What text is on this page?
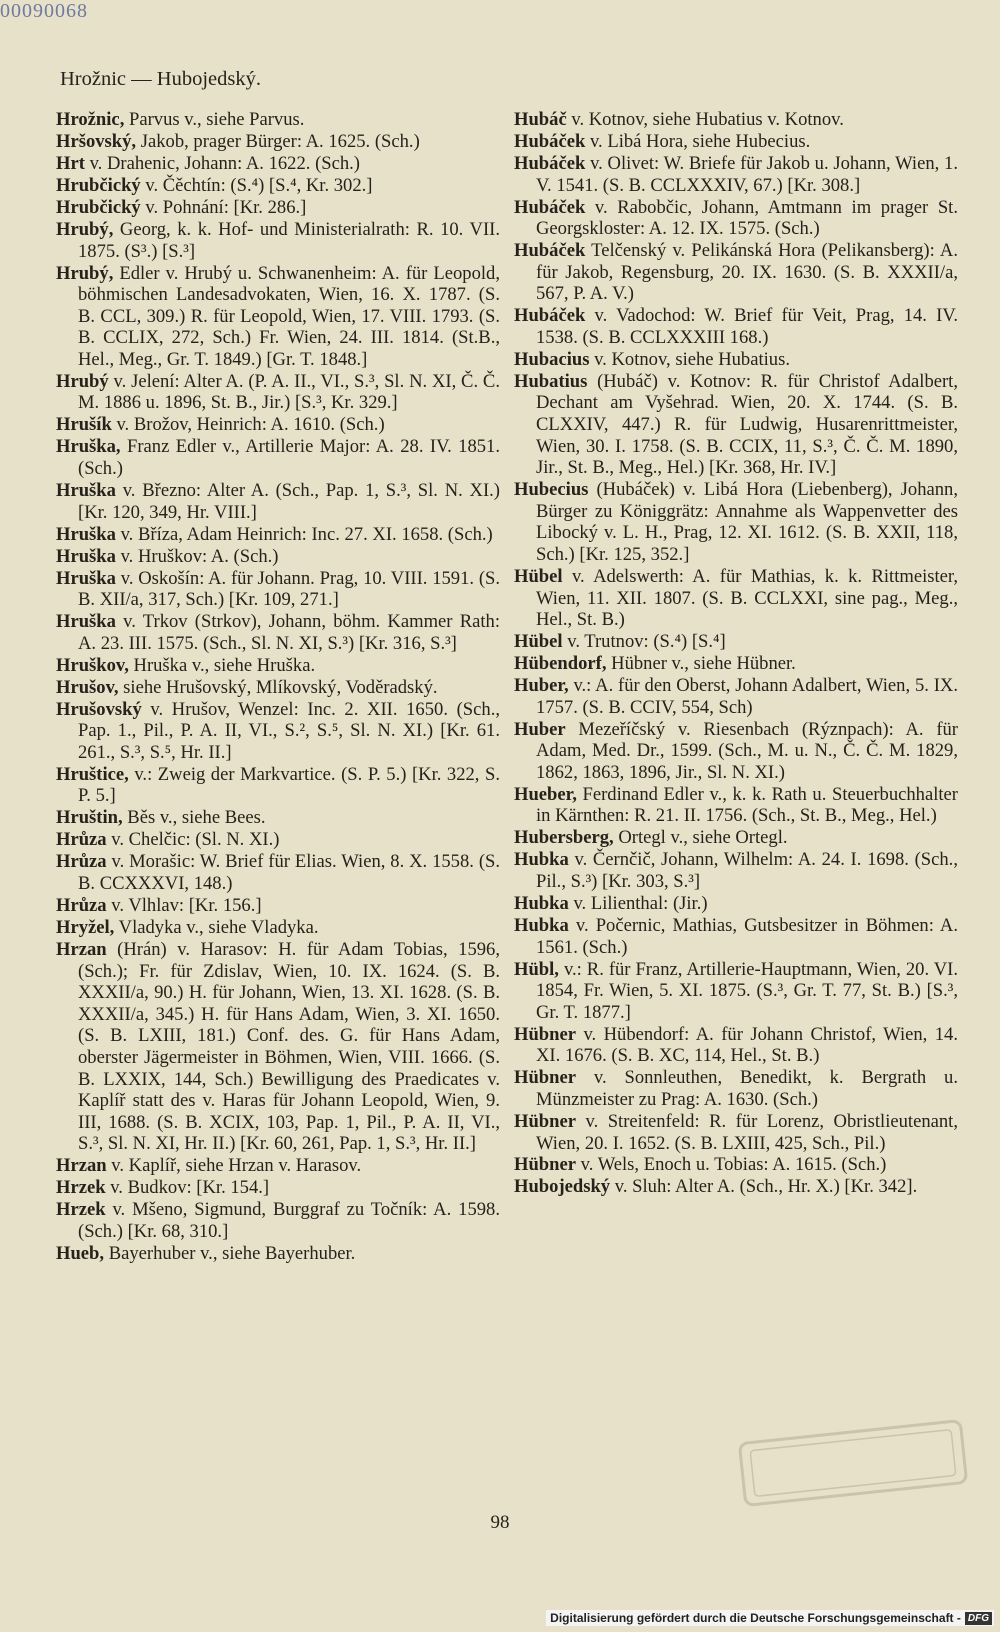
00090068
Hrožnic — Hubojedský.
Hrožnic, Parvus v., siehe Parvus.
Hršovský, Jakob, prager Bürger: A. 1625. (Sch.)
Hrt v. Drahenic, Johann: A. 1622. (Sch.)
Hrubčický v. Čěchtín: (S.⁴) [S.⁴, Kr. 302.]
Hrubčický v. Pohnání: [Kr. 286.]
Hrubý, Georg, k. k. Hof- und Ministerialrath: R. 10. VII. 1875. (S³.) [S.³]
Hrubý, Edler v. Hrubý u. Schwanenheim: A. für Leopold, böhmischen Landesadvokaten, Wien, 16. X. 1787. (S. B. CCL, 309.) R. für Leopold, Wien, 17. VIII. 1793. (S. B. CCLIX, 272, Sch.) Fr. Wien, 24. III. 1814. (St.B., Hel., Meg., Gr. T. 1849.) [Gr. T. 1848.]
Hrubý v. Jelení: Alter A. (P. A. II., VI., S.³, Sl. N. XI, Č. Č. M. 1886 u. 1896, St. B., Jir.) [S.³, Kr. 329.]
Hrušík v. Brožov, Heinrich: A. 1610. (Sch.)
Hruška, Franz Edler v., Artillerie Major: A. 28. IV. 1851. (Sch.)
Hruška v. Březno: Alter A. (Sch., Pap. 1, S.³, Sl. N. XI.) [Kr. 120, 349, Hr. VIII.]
Hruška v. Bříza, Adam Heinrich: Inc. 27. XI. 1658. (Sch.)
Hruška v. Hruškov: A. (Sch.)
Hruška v. Oskošín: A. für Johann. Prag, 10. VIII. 1591. (S. B. XII/a, 317, Sch.) [Kr. 109, 271.]
Hruška v. Trkov (Strkov), Johann, böhm. Kammer Rath: A. 23. III. 1575. (Sch., Sl. N. XI, S.³) [Kr. 316, S.³]
Hruškov, Hruška v., siehe Hruška.
Hrušov, siehe Hrušovský, Mlíkovský, Voděradský.
Hrušovský v. Hrušov, Wenzel: Inc. 2. XII. 1650. (Sch., Pap. 1., Pil., P. A. II, VI., S.², S.⁵, Sl. N. XI.) [Kr. 61. 261., S.³, S.⁵, Hr. II.]
Hruštice, v.: Zweig der Markvartice. (S. P. 5.) [Kr. 322, S. P. 5.]
Hruštin, Běs v., siehe Bees.
Hrůza v. Chelčic: (Sl. N. XI.)
Hrůza v. Morašic: W. Brief für Elias. Wien, 8. X. 1558. (S. B. CCXXXVI, 148.)
Hrůza v. Vlhlav: [Kr. 156.]
Hryžel, Vladyka v., siehe Vladyka.
Hrzan (Hrán) v. Harasov: H. für Adam Tobias, 1596, (Sch.); Fr. für Zdislav, Wien, 10. IX. 1624. (S. B. XXXII/a, 90.) H. für Johann, Wien, 13. XI. 1628. (S. B. XXXII/a, 345.) H. für Hans Adam, Wien, 3. XI. 1650. (S. B. LXIII, 181.) Conf. des. G. für Hans Adam, oberster Jägermeister in Böhmen, Wien, VIII. 1666. (S. B. LXXIX, 144, Sch.) Bewilligung des Praedicates v. Kaplíř statt des v. Haras für Johann Leopold, Wien, 9. III, 1688. (S. B. XCIX, 103, Pap. 1, Pil., P. A. II, VI., S.³, Sl. N. XI, Hr. II.) [Kr. 60, 261, Pap. 1, S.³, Hr. II.]
Hrzan v. Kaplíř, siehe Hrzan v. Harasov.
Hrzek v. Budkov: [Kr. 154.]
Hrzek v. Mšeno, Sigmund, Burggraf zu Točník: A. 1598. (Sch.) [Kr. 68, 310.]
Hueb, Bayerhuber v., siehe Bayerhuber.
Hubáč v. Kotnov, siehe Hubatius v. Kotnov.
Hubáček v. Libá Hora, siehe Hubecius.
Hubáček v. Olivet: W. Briefe für Jakob u. Johann, Wien, 1. V. 1541. (S. B. CCLXXXIV, 67.) [Kr. 308.]
Hubáček v. Rabobčic, Johann, Amtmann im prager St. Georgskloster: A. 12. IX. 1575. (Sch.)
Hubáček Telčenský v. Pelikánská Hora (Pelikansberg): A. für Jakob, Regensburg, 20. IX. 1630. (S. B. XXXII/a, 567, P. A. V.)
Hubáček v. Vadochod: W. Brief für Veit, Prag, 14. IV. 1538. (S. B. CCLXXXIII 168.)
Hubacius v. Kotnov, siehe Hubatius.
Hubatius (Hubáč) v. Kotnov: R. für Christof Adalbert, Dechant am Vyšehrad. Wien, 20. X. 1744. (S. B. CLXXIV, 447.) R. für Ludwig, Husarenrittmeister, Wien, 30. I. 1758. (S. B. CCIX, 11, S.³, Č. Č. M. 1890, Jir., St. B., Meg., Hel.) [Kr. 368, Hr. IV.]
Hubecius (Hubáček) v. Libá Hora (Liebenberg), Johann, Bürger zu Königgrätz: Annahme als Wappenvetter des Libocký v. L. H., Prag, 12. XI. 1612. (S. B. XXII, 118, Sch.) [Kr. 125, 352.]
Hübel v. Adelswerth: A. für Mathias, k. k. Rittmeister, Wien, 11. XII. 1807. (S. B. CCLXXI, sine pag., Meg., Hel., St. B.)
Hübel v. Trutnov: (S.⁴) [S.⁴]
Hübendorf, Hübner v., siehe Hübner.
Huber, v.: A. für den Oberst, Johann Adalbert, Wien, 5. IX. 1757. (S. B. CCIV, 554, Sch)
Huber Mezeříčský v. Riesenbach (Rýznpach): A. für Adam, Med. Dr., 1599. (Sch., M. u. N., Č. Č. M. 1829, 1862, 1863, 1896, Jir., Sl. N. XI.)
Hueber, Ferdinand Edler v., k. k. Rath u. Steuerbuchhalter in Kärnthen: R. 21. II. 1756. (Sch., St. B., Meg., Hel.)
Hubersberg, Ortegl v., siehe Ortegl.
Hubka v. Černčič, Johann, Wilhelm: A. 24. I. 1698. (Sch., Pil., S.³) [Kr. 303, S.³]
Hubka v. Lilienthal: (Jir.)
Hubka v. Počernic, Mathias, Gutsbesitzer in Böhmen: A. 1561. (Sch.)
Hübl, v.: R. für Franz, Artillerie-Hauptmann, Wien, 20. VI. 1854, Fr. Wien, 5. XI. 1875. (S.³, Gr. T. 77, St. B.) [S.³, Gr. T. 1877.]
Hübner v. Hübendorf: A. für Johann Christof, Wien, 14. XI. 1676. (S. B. XC, 114, Hel., St. B.)
Hübner v. Sonnleuthen, Benedikt, k. Bergrath u. Münzmeister zu Prag: A. 1630. (Sch.)
Hübner v. Streitenfeld: R. für Lorenz, Obristlieutenant, Wien, 20. I. 1652. (S. B. LXIII, 425, Sch., Pil.)
Hübner v. Wels, Enoch u. Tobias: A. 1615. (Sch.)
Hubojedský v. Sluh: Alter A. (Sch., Hr. X.) [Kr. 342].
98
Digitalisierung gefördert durch die Deutsche Forschungsgemeinschaft - DFG
